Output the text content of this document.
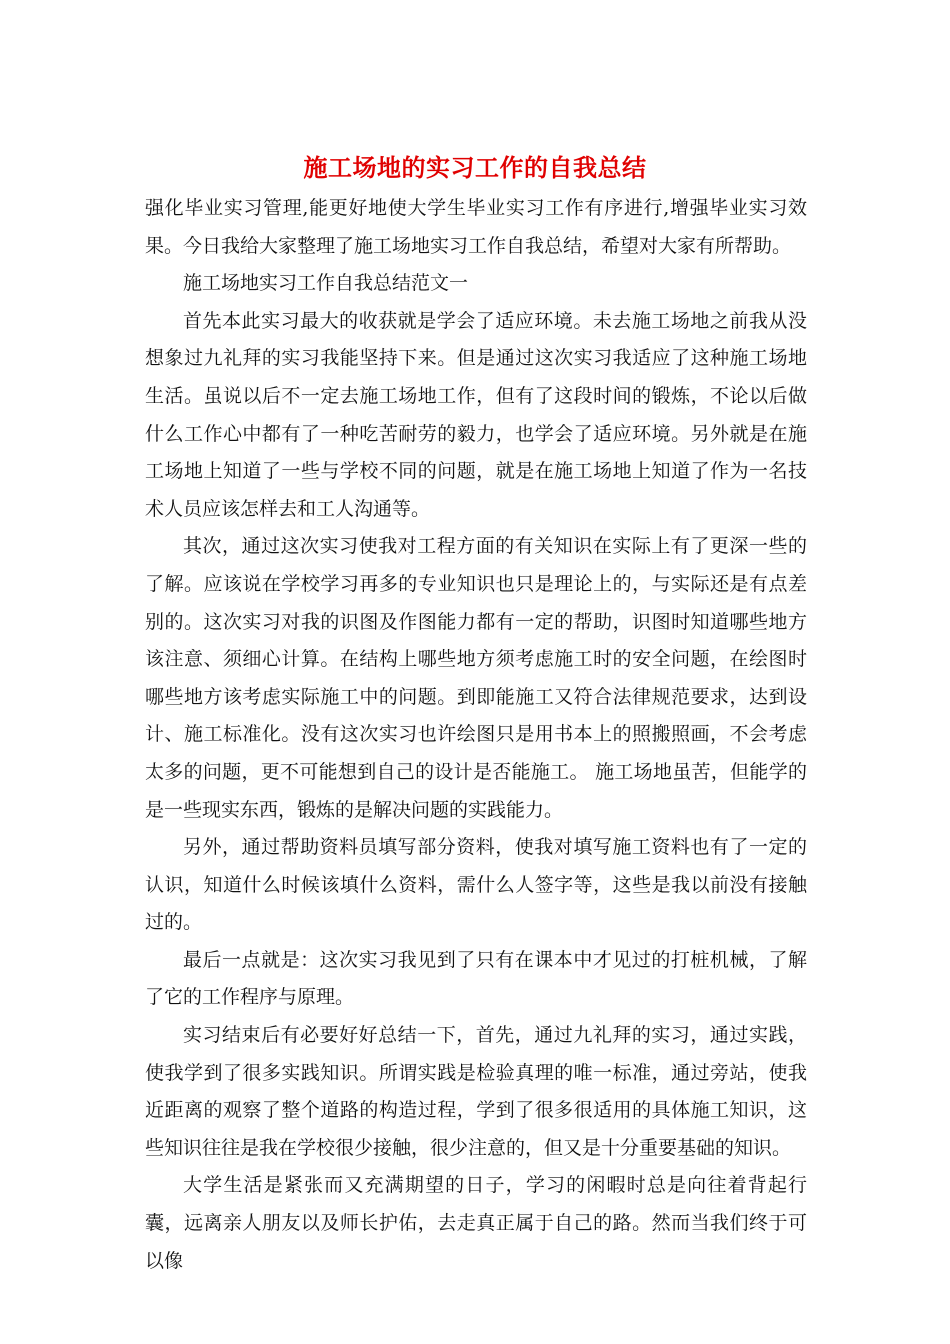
施工场地的实习工作的自我总结

强化毕业实习管理,能更好地使大学生毕业实习工作有序进行,增强毕业实习效果。今日我给大家整理了施工场地实习工作自我总结，希望对大家有所帮助。

施工场地实习工作自我总结范文一

首先本此实习最大的收获就是学会了适应环境。未去施工场地之前我从没想象过九礼拜的实习我能坚持下来。但是通过这次实习我适应了这种施工场地生活。虽说以后不一定去施工场地工作，但有了这段时间的锻炼，不论以后做什么工作心中都有了一种吃苦耐劳的毅力，也学会了适应环境。另外就是在施工场地上知道了一些与学校不同的问题，就是在施工场地上知道了作为一名技术人员应该怎样去和工人沟通等。

其次，通过这次实习使我对工程方面的有关知识在实际上有了更深一些的了解。应该说在学校学习再多的专业知识也只是理论上的，与实际还是有点差别的。这次实习对我的识图及作图能力都有一定的帮助，识图时知道哪些地方该注意、须细心计算。在结构上哪些地方须考虑施工时的安全问题，在绘图时哪些地方该考虑实际施工中的问题。到即能施工又符合法律规范要求，达到设计、施工标准化。没有这次实习也许绘图只是用书本上的照搬照画，不会考虑太多的问题，更不可能想到自己的设计是否能施工。 施工场地虽苦，但能学的是一些现实东西，锻炼的是解决问题的实践能力。

另外，通过帮助资料员填写部分资料，使我对填写施工资料也有了一定的认识，知道什么时候该填什么资料，需什么人签字等，这些是我以前没有接触过的。

最后一点就是：这次实习我见到了只有在课本中才见过的打桩机械，了解了它的工作程序与原理。

实习结束后有必要好好总结一下，首先，通过九礼拜的实习，通过实践，使我学到了很多实践知识。所谓实践是检验真理的唯一标准，通过旁站，使我近距离的观察了整个道路的构造过程，学到了很多很适用的具体施工知识，这些知识往往是我在学校很少接触，很少注意的，但又是十分重要基础的知识。

大学生活是紧张而又充满期望的日子，学习的闲暇时总是向往着背起行囊，远离亲人朋友以及师长护佑，去走真正属于自己的路。然而当我们终于可以像
